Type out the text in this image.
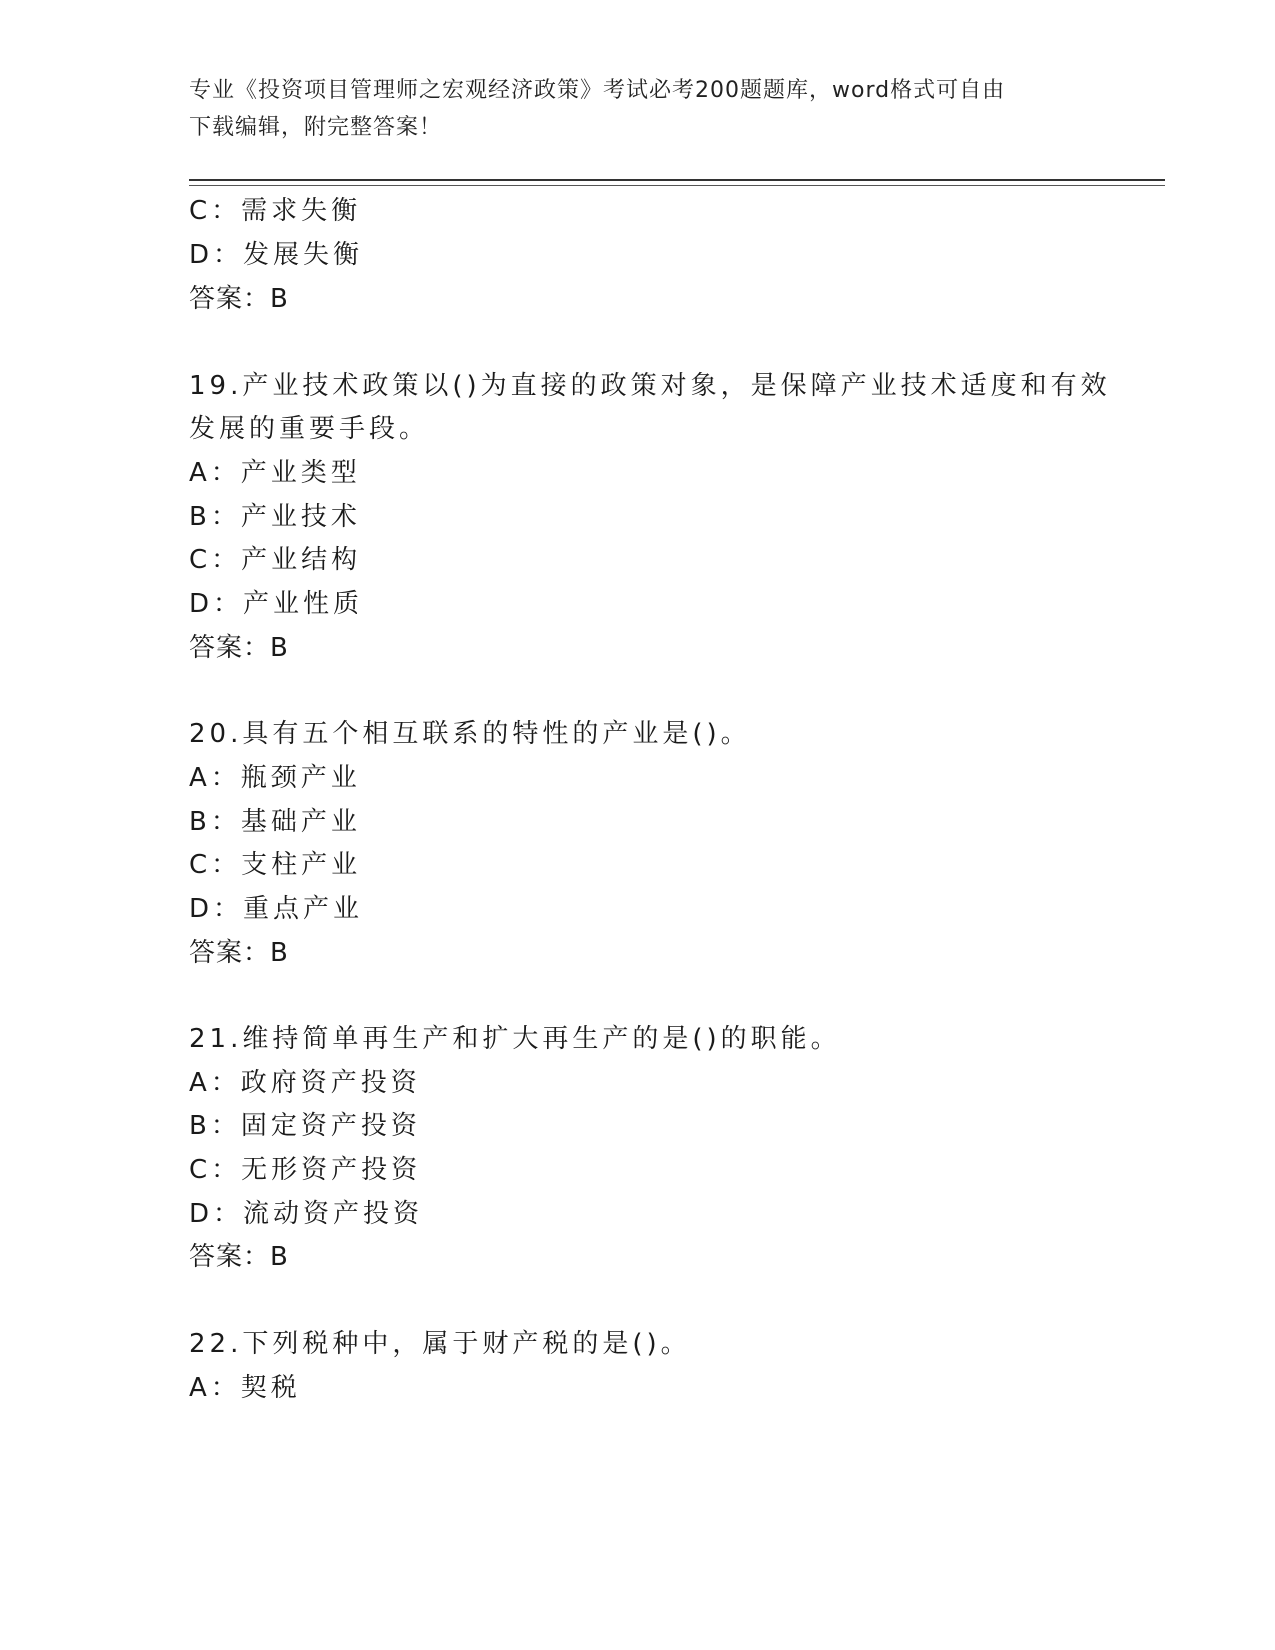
专业《投资项目管理师之宏观经济政策》考试必考200题题库，word格式可自由
下载编辑，附完整答案！
C：需求失衡
D：发展失衡
答案：B
19.产业技术政策以()为直接的政策对象，是保障产业技术适度和有效
发展的重要手段。
A：产业类型
B：产业技术
C：产业结构
D：产业性质
答案：B
20.具有五个相互联系的特性的产业是()。
A：瓶颈产业
B：基础产业
C：支柱产业
D：重点产业
答案：B
21.维持简单再生产和扩大再生产的是()的职能。
A：政府资产投资
B：固定资产投资
C：无形资产投资
D：流动资产投资
答案：B
22.下列税种中，属于财产税的是()。
A：契税
